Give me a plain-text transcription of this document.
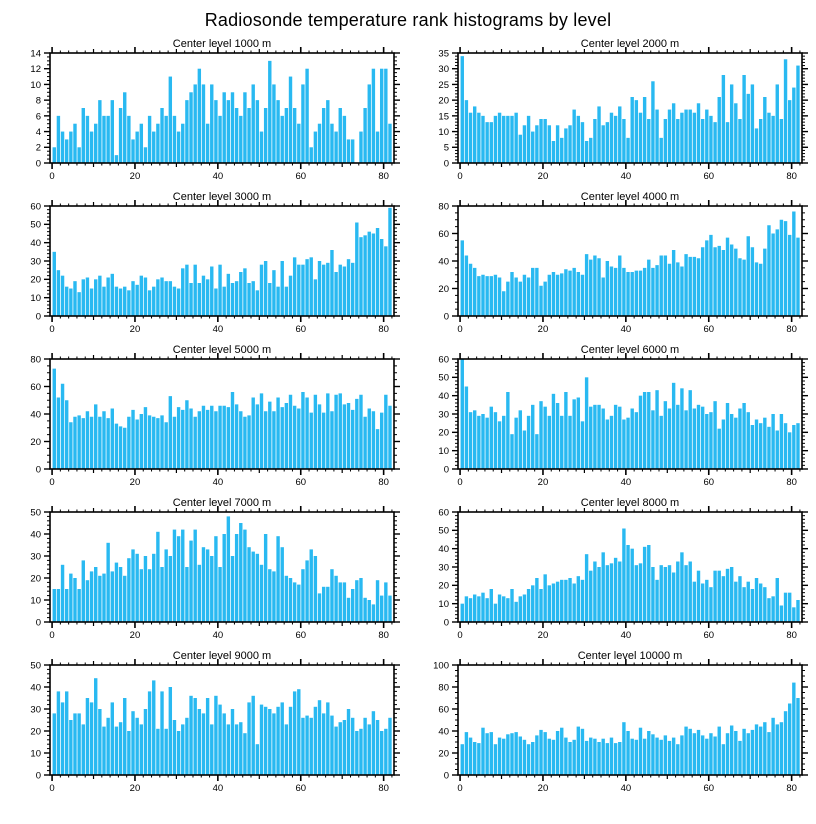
Radiosonde temperature rank histograms by level
Center level 1000 m
0
2
4
6
8
10
12
14
0	20	40	60	80
Center level 2000 m
0
5
10
15
20
25
30
35
0	20	40	60	80
Center level 3000 m
0
10
20
30
40
50
60
0	20	40	60	80
Center level 4000 m
0
20
40
60
80
0	20	40	60	80
Center level 5000 m
0
20
40
60
80
0	20	40	60	80
Center level 6000 m
0
10
20
30
40
50
60
0	20	40	60	80
Center level 7000 m
0
10
20
30
40
50
0	20	40	60	80
Center level 8000 m
0
10
20
30
40
50
60
0	20	40	60	80
Center level 9000 m
0
10
20
30
40
50
0	20	40	60	80
Center level 10000 m
0
20
40
60
80
100
0	20	40	60	80
